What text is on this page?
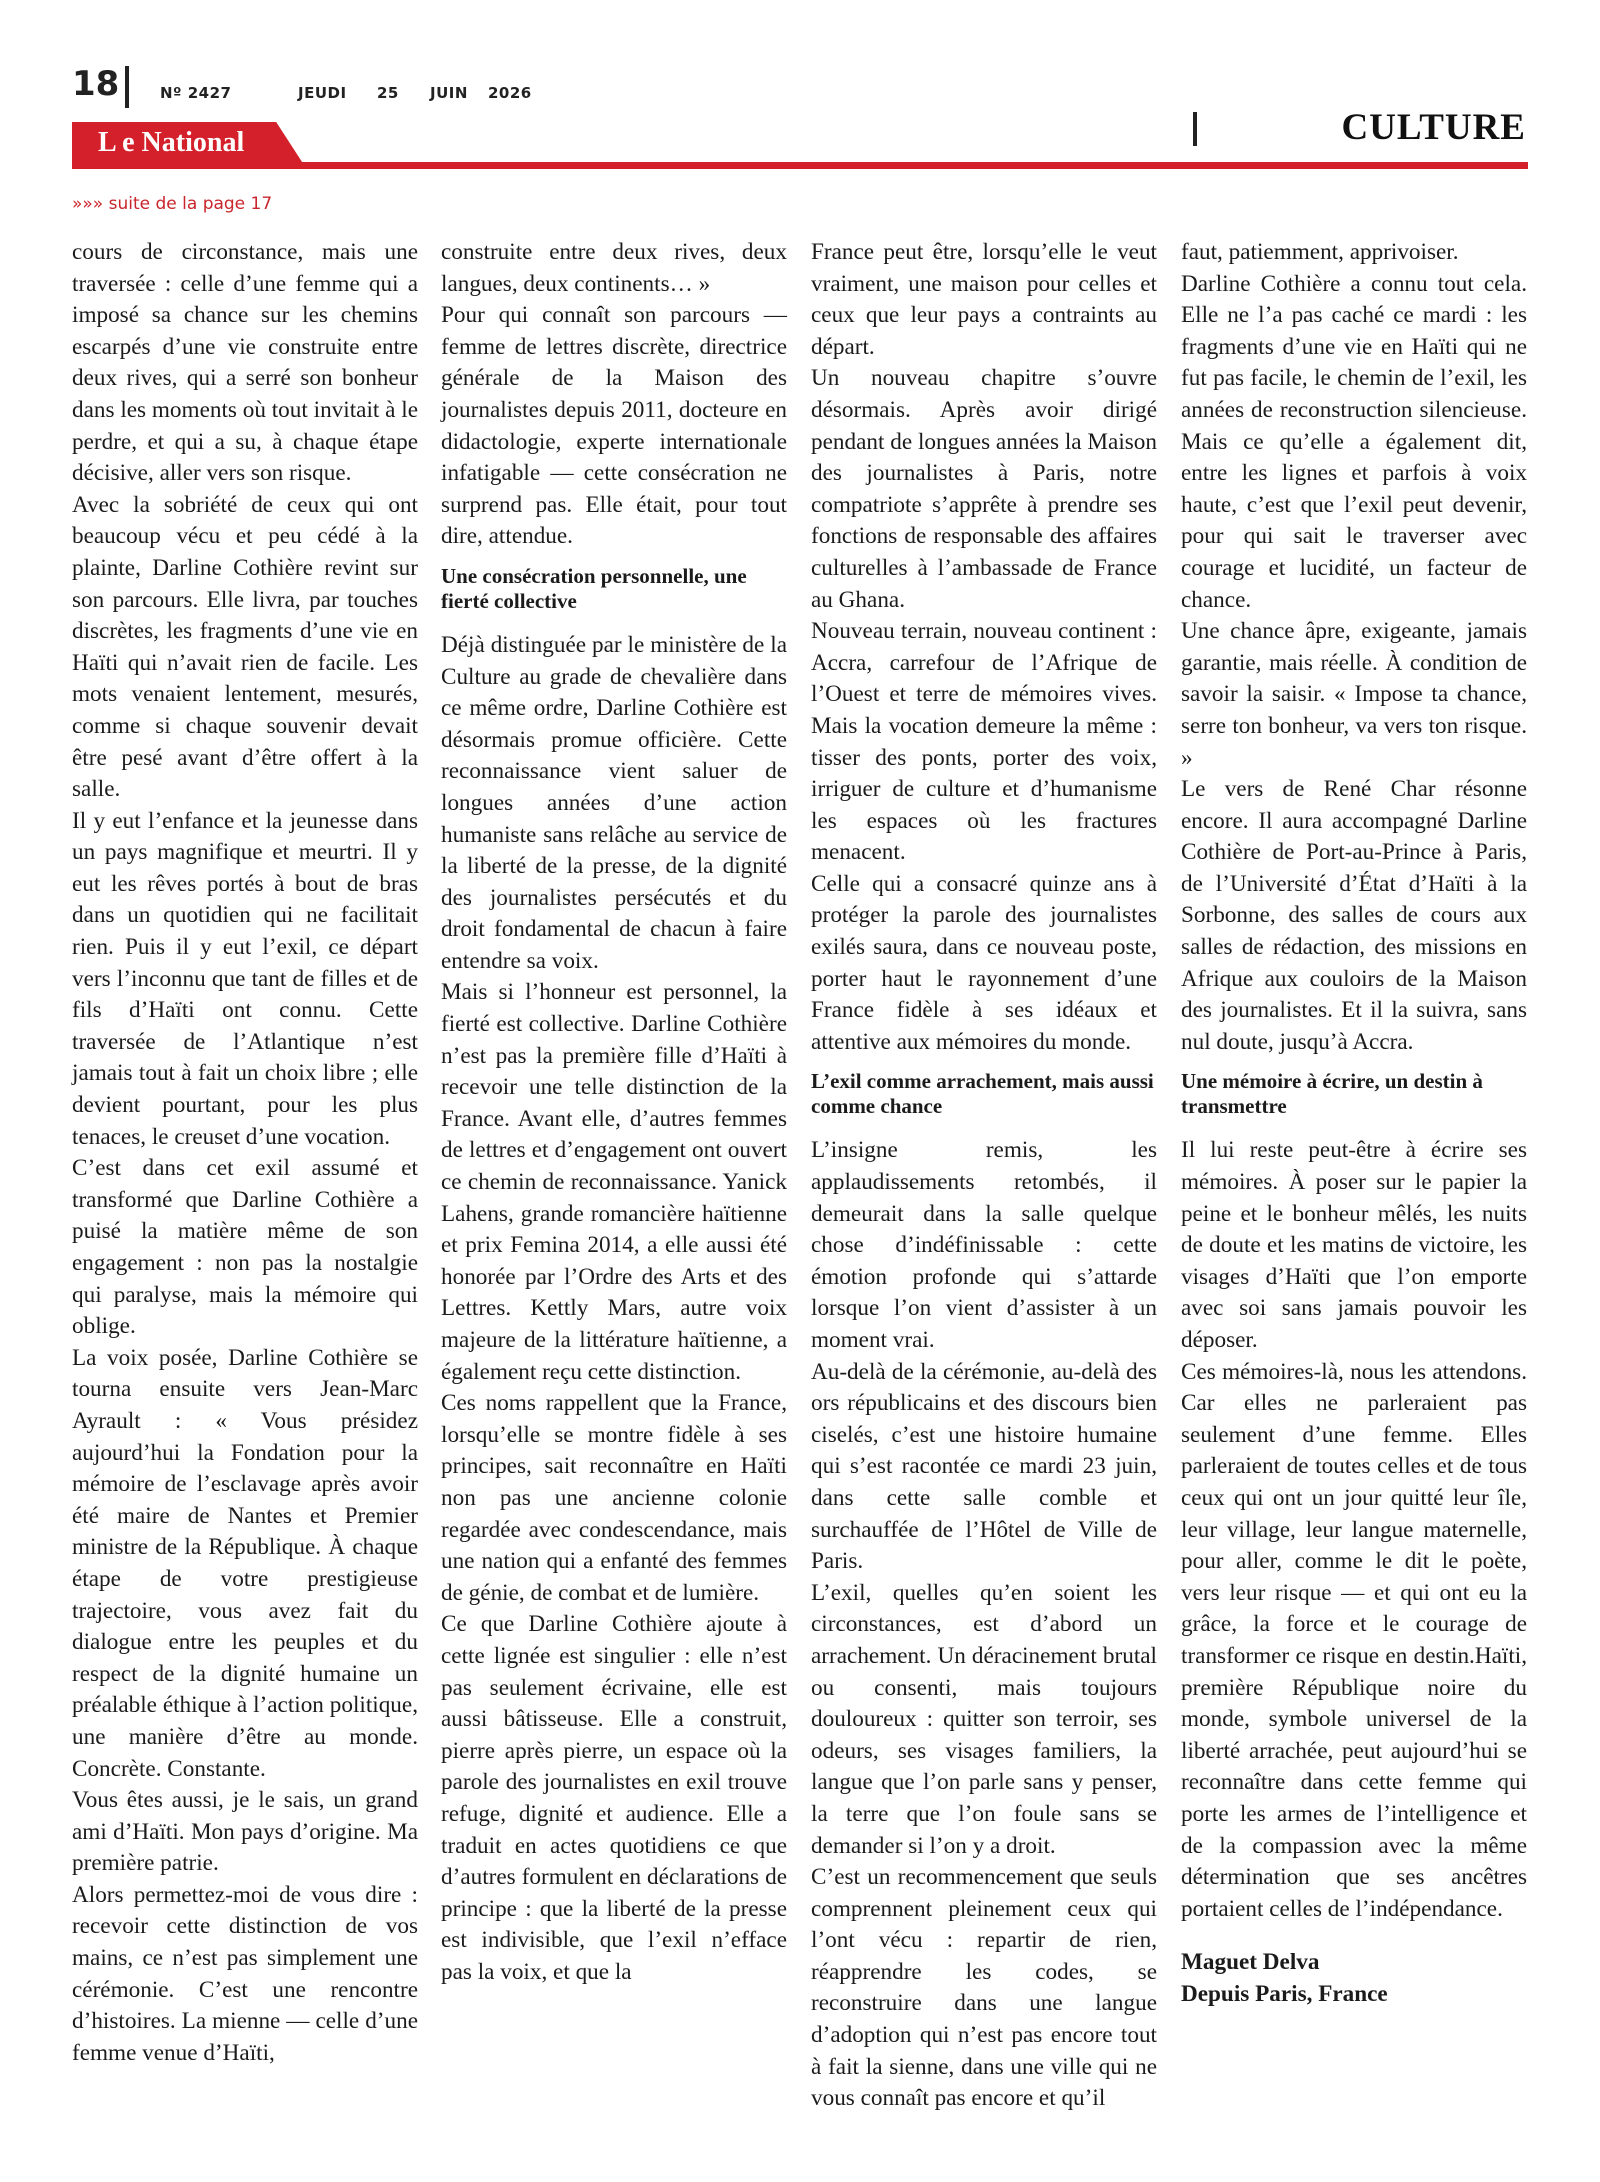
18	Nº 2427	JEUDI 25 JUIN 2026
CULTURE
L e National
»»» suite de la page 17

cours de circonstance, mais une traversée : celle d’une femme qui a imposé sa chance sur les chemins escarpés d’une vie construite entre deux rives, qui a serré son bonheur dans les moments où tout invitait à le perdre, et qui a su, à chaque étape décisive, aller vers son risque.

Avec la sobriété de ceux qui ont beaucoup vécu et peu cédé à la plainte, Darline Cothière revint sur son parcours. Elle livra, par touches discrètes, les fragments d’une vie en Haïti qui n’avait rien de facile. Les mots venaient lentement, mesurés, comme si chaque souvenir devait être pesé avant d’être offert à la salle.

Il y eut l’enfance et la jeunesse dans un pays magnifique et meurtri. Il y eut les rêves portés à bout de bras dans un quotidien qui ne facilitait rien. Puis il y eut l’exil, ce départ vers l’inconnu que tant de filles et de fils d’Haïti ont connu. Cette traversée de l’Atlantique n’est jamais tout à fait un choix libre ; elle devient pourtant, pour les plus tenaces, le creuset d’une vocation.

C’est dans cet exil assumé et transformé que Darline Cothière a puisé la matière même de son engagement : non pas la nostalgie qui paralyse, mais la mémoire qui oblige.

La voix posée, Darline Cothière se tourna ensuite vers Jean-Marc Ayrault : « Vous présidez aujourd’hui la Fondation pour la mémoire de l’esclavage après avoir été maire de Nantes et Premier ministre de la République. À chaque étape de votre prestigieuse trajectoire, vous avez fait du dialogue entre les peuples et du respect de la dignité humaine un préalable éthique à l’action politique, une manière d’être au monde. Concrète. Constante.

Vous êtes aussi, je le sais, un grand ami d’Haïti. Mon pays d’origine. Ma première patrie.

Alors permettez-moi de vous dire : recevoir cette distinction de vos mains, ce n’est pas simplement une cérémonie. C’est une rencontre d’histoires. La mienne — celle d’une femme venue d’Haïti,

construite entre deux rives, deux langues, deux continents… »

Pour qui connaît son parcours — femme de lettres discrète, directrice générale de la Maison des journalistes depuis 2011, docteure en didactologie, experte internationale infatigable — cette consécration ne surprend pas. Elle était, pour tout dire, attendue.

Une consécration personnelle, une fierté collective

Déjà distinguée par le ministère de la Culture au grade de chevalière dans ce même ordre, Darline Cothière est désormais promue officière. Cette reconnaissance vient saluer de longues années d’une action humaniste sans relâche au service de la liberté de la presse, de la dignité des journalistes persécutés et du droit fondamental de chacun à faire entendre sa voix.

Mais si l’honneur est personnel, la fierté est collective. Darline Cothière n’est pas la première fille d’Haïti à recevoir une telle distinction de la France. Avant elle, d’autres femmes de lettres et d’engagement ont ouvert ce chemin de reconnaissance. Yanick Lahens, grande romancière haïtienne et prix Femina 2014, a elle aussi été honorée par l’Ordre des Arts et des Lettres. Kettly Mars, autre voix majeure de la littérature haïtienne, a également reçu cette distinction.

Ces noms rappellent que la France, lorsqu’elle se montre fidèle à ses principes, sait reconnaître en Haïti non pas une ancienne colonie regardée avec condescendance, mais une nation qui a enfanté des femmes de génie, de combat et de lumière.

Ce que Darline Cothière ajoute à cette lignée est singulier : elle n’est pas seulement écrivaine, elle est aussi bâtisseuse. Elle a construit, pierre après pierre, un espace où la parole des journalistes en exil trouve refuge, dignité et audience. Elle a traduit en actes quotidiens ce que d’autres formulent en déclarations de principe : que la liberté de la presse est indivisible, que l’exil n’efface pas la voix, et que la

France peut être, lorsqu’elle le veut vraiment, une maison pour celles et ceux que leur pays a contraints au départ.

Un nouveau chapitre s’ouvre désormais. Après avoir dirigé pendant de longues années la Maison des journalistes à Paris, notre compatriote s’apprête à prendre ses fonctions de responsable des affaires culturelles à l’ambassade de France au Ghana.

Nouveau terrain, nouveau continent : Accra, carrefour de l’Afrique de l’Ouest et terre de mémoires vives. Mais la vocation demeure la même : tisser des ponts, porter des voix, irriguer de culture et d’humanisme les espaces où les fractures menacent.

Celle qui a consacré quinze ans à protéger la parole des journalistes exilés saura, dans ce nouveau poste, porter haut le rayonnement d’une France fidèle à ses idéaux et attentive aux mémoires du monde.

L’exil comme arrachement, mais aussi comme chance

L’insigne remis, les applaudissements retombés, il demeurait dans la salle quelque chose d’indéfinissable : cette émotion profonde qui s’attarde lorsque l’on vient d’assister à un moment vrai.

Au-delà de la cérémonie, au-delà des ors républicains et des discours bien ciselés, c’est une histoire humaine qui s’est racontée ce mardi 23 juin, dans cette salle comble et surchauffée de l’Hôtel de Ville de Paris.

L’exil, quelles qu’en soient les circonstances, est d’abord un arrachement. Un déracinement brutal ou consenti, mais toujours douloureux : quitter son terroir, ses odeurs, ses visages familiers, la langue que l’on parle sans y penser, la terre que l’on foule sans se demander si l’on y a droit.

C’est un recommencement que seuls comprennent pleinement ceux qui l’ont vécu : repartir de rien, réapprendre les codes, se reconstruire dans une langue d’adoption qui n’est pas encore tout à fait la sienne, dans une ville qui ne vous connaît pas encore et qu’il

faut, patiemment, apprivoiser.

Darline Cothière a connu tout cela. Elle ne l’a pas caché ce mardi : les fragments d’une vie en Haïti qui ne fut pas facile, le chemin de l’exil, les années de reconstruction silencieuse. Mais ce qu’elle a également dit, entre les lignes et parfois à voix haute, c’est que l’exil peut devenir, pour qui sait le traverser avec courage et lucidité, un facteur de chance.

Une chance âpre, exigeante, jamais garantie, mais réelle. À condition de savoir la saisir. « Impose ta chance, serre ton bonheur, va vers ton risque. »

Le vers de René Char résonne encore. Il aura accompagné Darline Cothière de Port-au-Prince à Paris, de l’Université d’État d’Haïti à la Sorbonne, des salles de cours aux salles de rédaction, des missions en Afrique aux couloirs de la Maison des journalistes. Et il la suivra, sans nul doute, jusqu’à Accra.

Une mémoire à écrire, un destin à transmettre

Il lui reste peut-être à écrire ses mémoires. À poser sur le papier la peine et le bonheur mêlés, les nuits de doute et les matins de victoire, les visages d’Haïti que l’on emporte avec soi sans jamais pouvoir les déposer.

Ces mémoires-là, nous les attendons. Car elles ne parleraient pas seulement d’une femme. Elles parleraient de toutes celles et de tous ceux qui ont un jour quitté leur île, leur village, leur langue maternelle, pour aller, comme le dit le poète, vers leur risque — et qui ont eu la grâce, la force et le courage de transformer ce risque en destin.Haïti, première République noire du monde, symbole universel de la liberté arrachée, peut aujourd’hui se reconnaître dans cette femme qui porte les armes de l’intelligence et de la compassion avec la même détermination que ses ancêtres portaient celles de l’indépendance.

Maguet Delva
Depuis Paris, France
